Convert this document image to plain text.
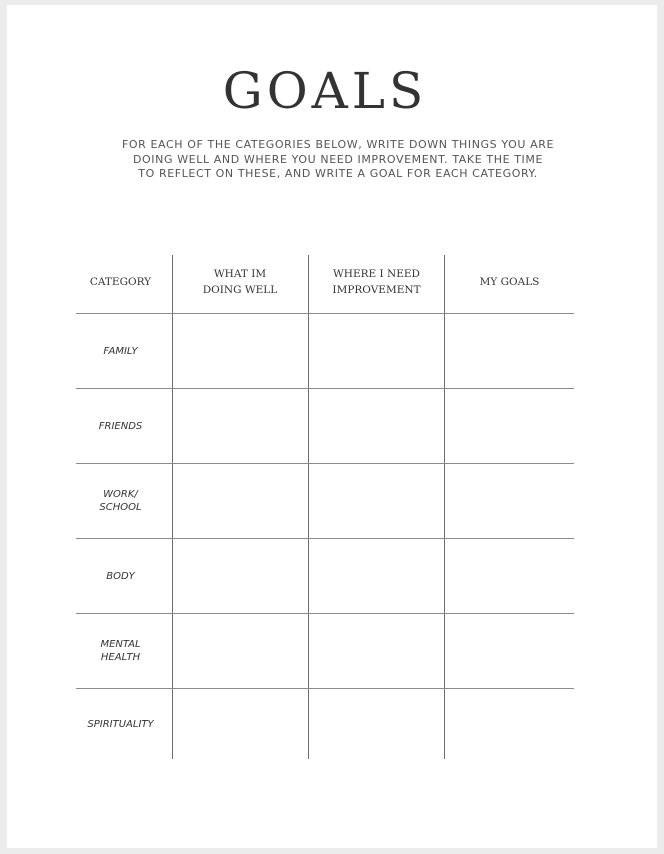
GOALS
FOR EACH OF THE CATEGORIES BELOW, WRITE DOWN THINGS YOU ARE
DOING WELL AND WHERE YOU NEED IMPROVEMENT. TAKE THE TIME
TO REFLECT ON THESE, AND WRITE A GOAL FOR EACH CATEGORY.
CATEGORY
WHAT IM
DOING WELL
WHERE I NEED
IMPROVEMENT
MY GOALS
FAMILY
FRIENDS
WORK/
SCHOOL
BODY
MENTAL
HEALTH
SPIRITUALITY
